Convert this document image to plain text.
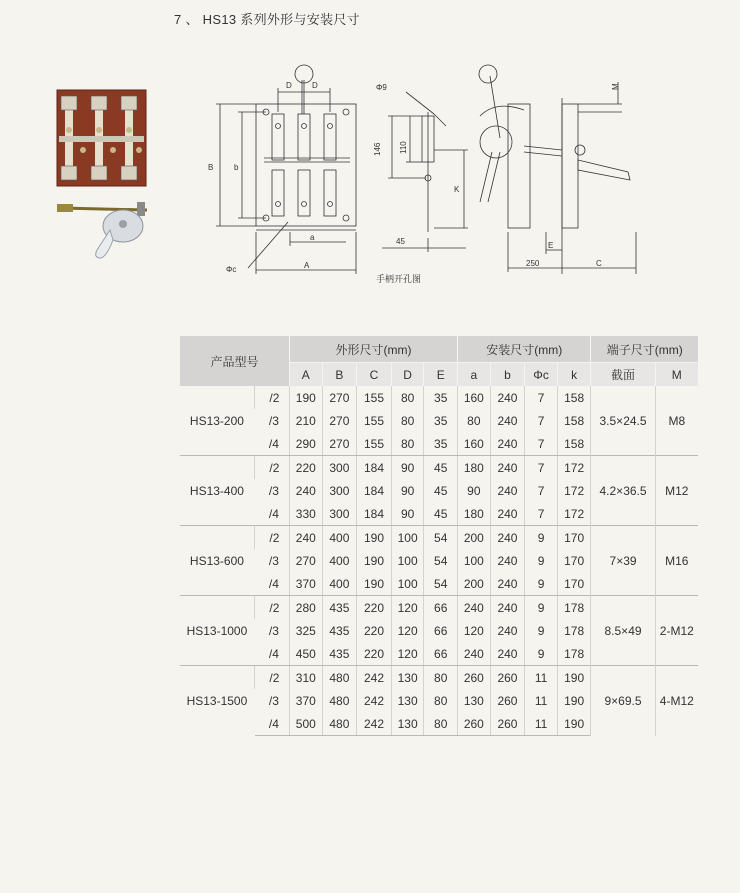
7 、 HS13 系列外形与安装尺寸
B	b
D	D
a
A
Φc
Φ9
146 110
K
45
手柄开孔图
M
E
250	C
产品型号		外形尺寸(mm)					安装尺寸(mm)				端子尺寸(mm)	
		A	B	C	D	E	a	b	Φc	k	截面	M
HS13-200	/2	190	270	155	80	35	160	240	7	158	3.5×24.5	M8
	/3	210	270	155	80	35	80	240	7	158		
	/4	290	270	155	80	35	160	240	7	158		
HS13-400	/2	220	300	184	90	45	180	240	7	172	4.2×36.5	M12
	/3	240	300	184	90	45	90	240	7	172		
	/4	330	300	184	90	45	180	240	7	172		
HS13-600	/2	240	400	190	100	54	200	240	9	170	7×39	M16
	/3	270	400	190	100	54	100	240	9	170		
	/4	370	400	190	100	54	200	240	9	170		
HS13-1000	/2	280	435	220	120	66	240	240	9	178	8.5×49	2-M12
	/3	325	435	220	120	66	120	240	9	178		
	/4	450	435	220	120	66	240	240	9	178		
HS13-1500	/2	310	480	242	130	80	260	260	11	190	9×69.5	4-M12
	/3	370	480	242	130	80	130	260	11	190		
	/4	500	480	242	130	80	260	260	11	190		
